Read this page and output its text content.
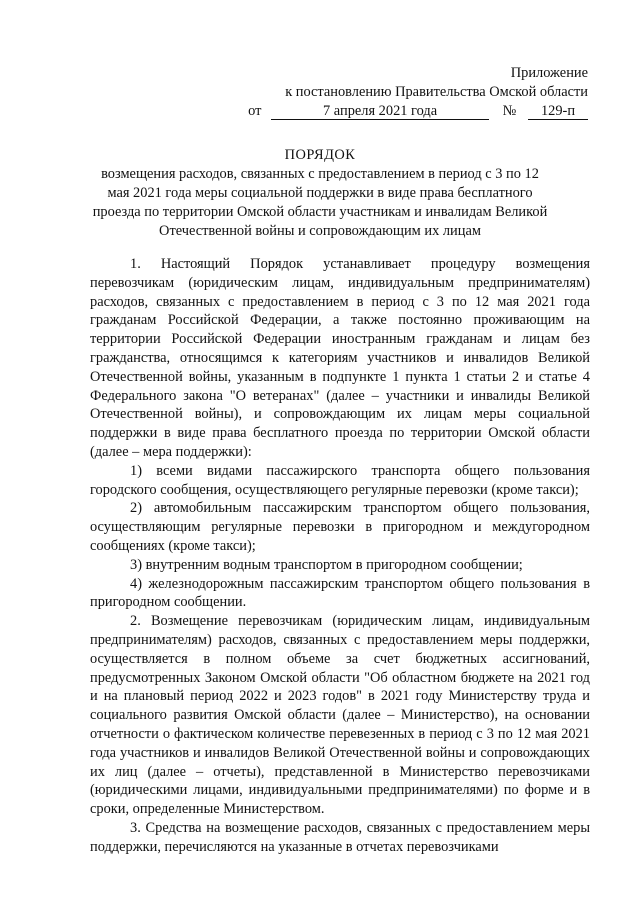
Приложение
к постановлению Правительства Омской области
от	7 апреля 2021 года	№ 129-п
ПОРЯДОК
возмещения расходов, связанных с предоставлением в период с 3 по 12 мая 2021 года меры социальной поддержки в виде права бесплатного проезда по территории Омской области участникам и инвалидам Великой Отечественной войны и сопровождающим их лицам

1. Настоящий Порядок устанавливает процедуру возмещения перевозчикам (юридическим лицам, индивидуальным предпринимателям) расходов, связанных с предоставлением в период с 3 по 12 мая 2021 года гражданам Российской Федерации, а также постоянно проживающим на территории Российской Федерации иностранным гражданам и лицам без гражданства, относящимся к категориям участников и инвалидов Великой Отечественной войны, указанным в подпункте 1 пункта 1 статьи 2 и статье 4 Федерального закона "О ветеранах" (далее – участники и инвалиды Великой Отечественной войны), и сопровождающим их лицам меры социальной поддержки в виде права бесплатного проезда по территории Омской области (далее – мера поддержки):

1) всеми видами пассажирского транспорта общего пользования городского сообщения, осуществляющего регулярные перевозки (кроме такси);

2) автомобильным пассажирским транспортом общего пользования, осуществляющим регулярные перевозки в пригородном и междугородном сообщениях (кроме такси);

3) внутренним водным транспортом в пригородном сообщении;

4) железнодорожным пассажирским транспортом общего пользования в пригородном сообщении.

2. Возмещение перевозчикам (юридическим лицам, индивидуальным предпринимателям) расходов, связанных с предоставлением меры поддержки, осуществляется в полном объеме за счет бюджетных ассигнований, предусмотренных Законом Омской области "Об областном бюджете на 2021 год и на плановый период 2022 и 2023 годов" в 2021 году Министерству труда и социального развития Омской области (далее – Министерство), на основании отчетности о фактическом количестве перевезенных в период с 3 по 12 мая 2021 года участников и инвалидов Великой Отечественной войны и сопровождающих их лиц (далее – отчеты), представленной в Министерство перевозчиками (юридическими лицами, индивидуальными предпринимателями) по форме и в сроки, определенные Министерством.

3. Средства на возмещение расходов, связанных с предоставлением меры поддержки, перечисляются на указанные в отчетах перевозчиками
